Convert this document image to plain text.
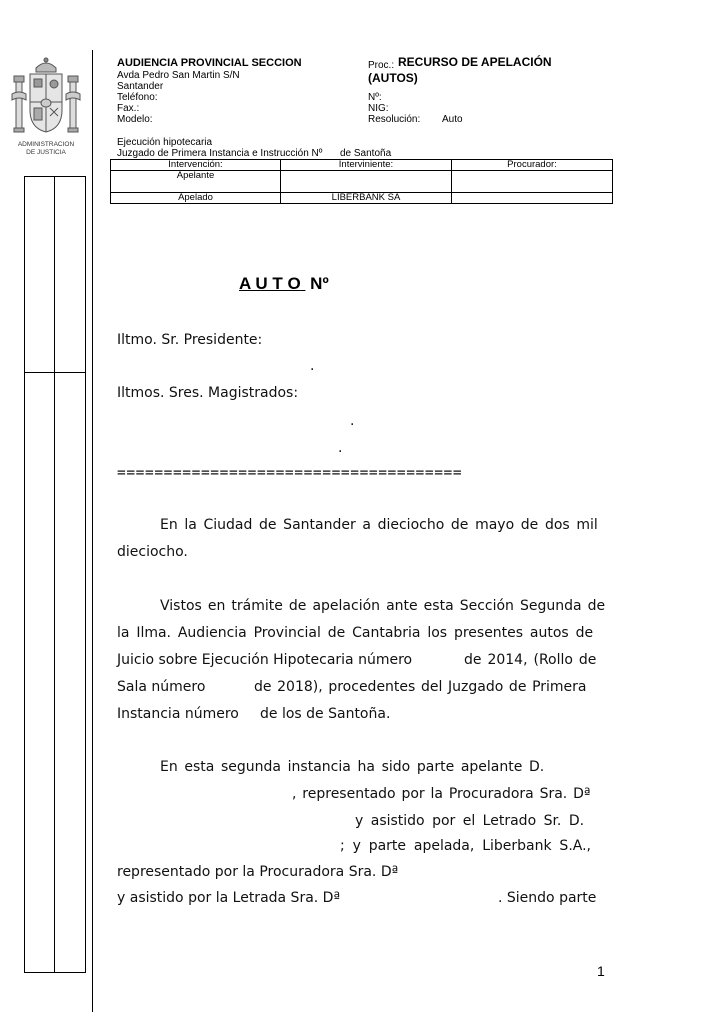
ADMINISTRACION
DE JUSTICIA
AUDIENCIA PROVINCIAL SECCION
Avda Pedro San Martin S/N
Santander
Teléfono:
Fax.:
Modelo:
Proc.: RECURSO DE APELACIÓN
(AUTOS)
Nº:
NIG:
Resolución: Auto
Ejecución hipotecaria
Juzgado de Primera Instancia e Instrucción Nº de Santoña
Intervención:	Interviniente:	Procurador:
Apelante		
Apelado	LIBERBANK SA	
A U T O Nº
Iltmo. Sr. Presidente:
.
Iltmos. Sres. Magistrados:
.
.
=====================================
En la Ciudad de Santander a dieciocho de mayo de dos mil
dieciocho.
Vistos en trámite de apelación ante esta Sección Segunda de
la Ilma. Audiencia Provincial de Cantabria los presentes autos de
Juicio sobre Ejecución Hipotecaria número	de 2014, (Rollo de
Sala número	de 2018), procedentes del Juzgado de Primera
Instancia número de los de Santoña.
En esta segunda instancia ha sido parte apelante D.
, representado por la Procuradora Sra. Dª
y asistido por el Letrado Sr. D.
; y parte apelada, Liberbank S.A.,
representado por la Procuradora Sra. Dª
y asistido por la Letrada Sra. Dª	. Siendo parte
1
